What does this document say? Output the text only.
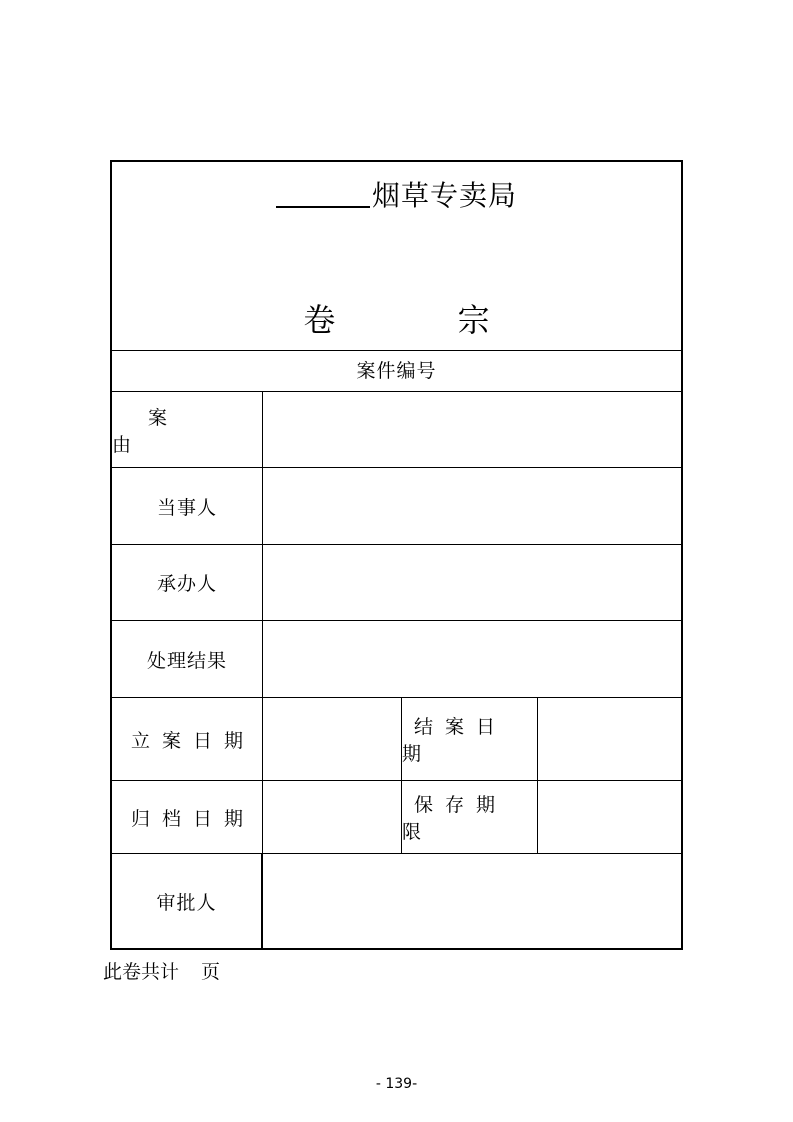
烟草专卖局
卷 宗
案件编号
案 由
当事人
承办人
处理结果
立案日期
结案日期
归档日期
保存期限
审批人
此卷共计 页
- 139-
